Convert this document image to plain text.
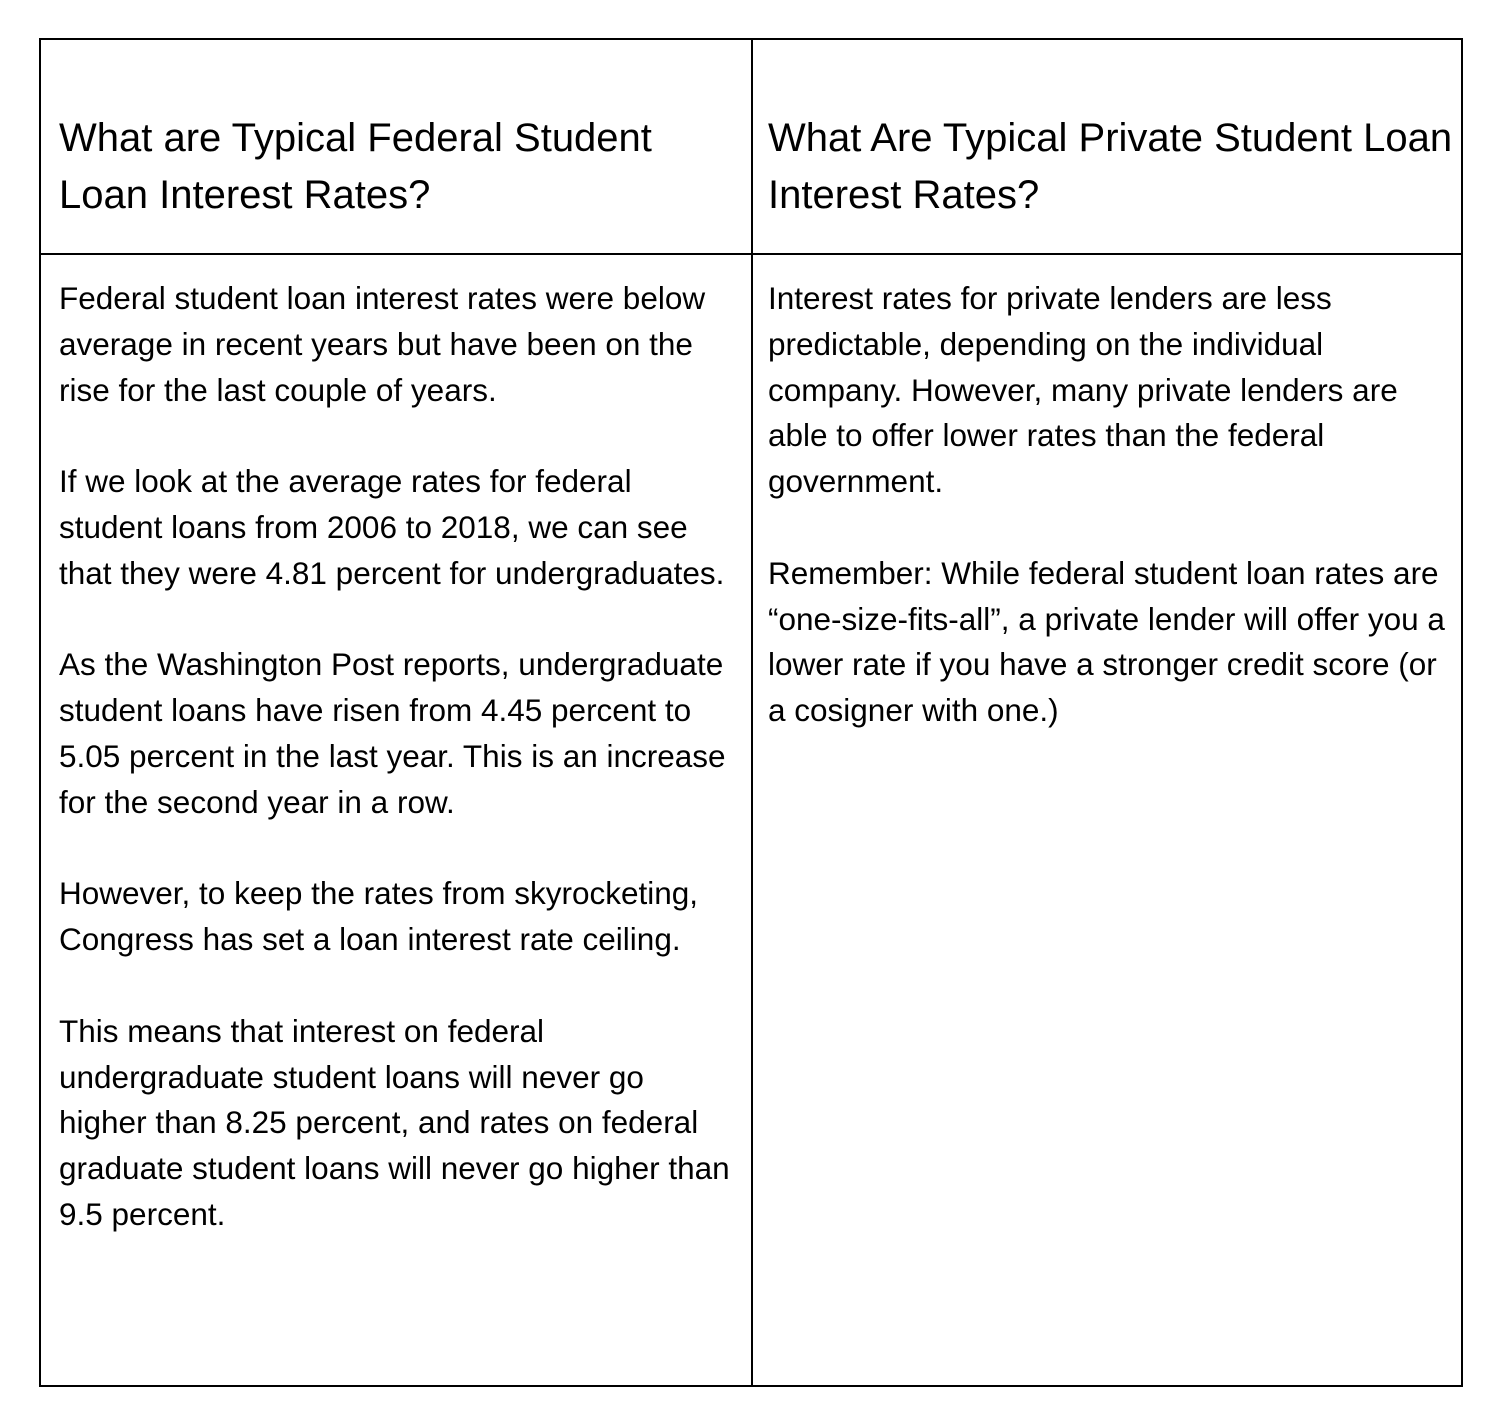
What are Typical Federal Student Loan Interest Rates?
What Are Typical Private Student Loan Interest Rates?

Federal student loan interest rates were below average in recent years but have been on the rise for the last couple of years.

If we look at the average rates for federal student loans from 2006 to 2018, we can see that they were 4.81 percent for undergraduates.

As the Washington Post reports, undergraduate student loans have risen from 4.45 percent to 5.05 percent in the last year. This is an increase for the second year in a row.

However, to keep the rates from skyrocketing, Congress has set a loan interest rate ceiling.

This means that interest on federal undergraduate student loans will never go higher than 8.25 percent, and rates on federal graduate student loans will never go higher than 9.5 percent.

Interest rates for private lenders are less predictable, depending on the individual company. However, many private lenders are able to offer lower rates than the federal government.

Remember: While federal student loan rates are “one-size-fits-all”, a private lender will offer you a lower rate if you have a stronger credit score (or a cosigner with one.)
